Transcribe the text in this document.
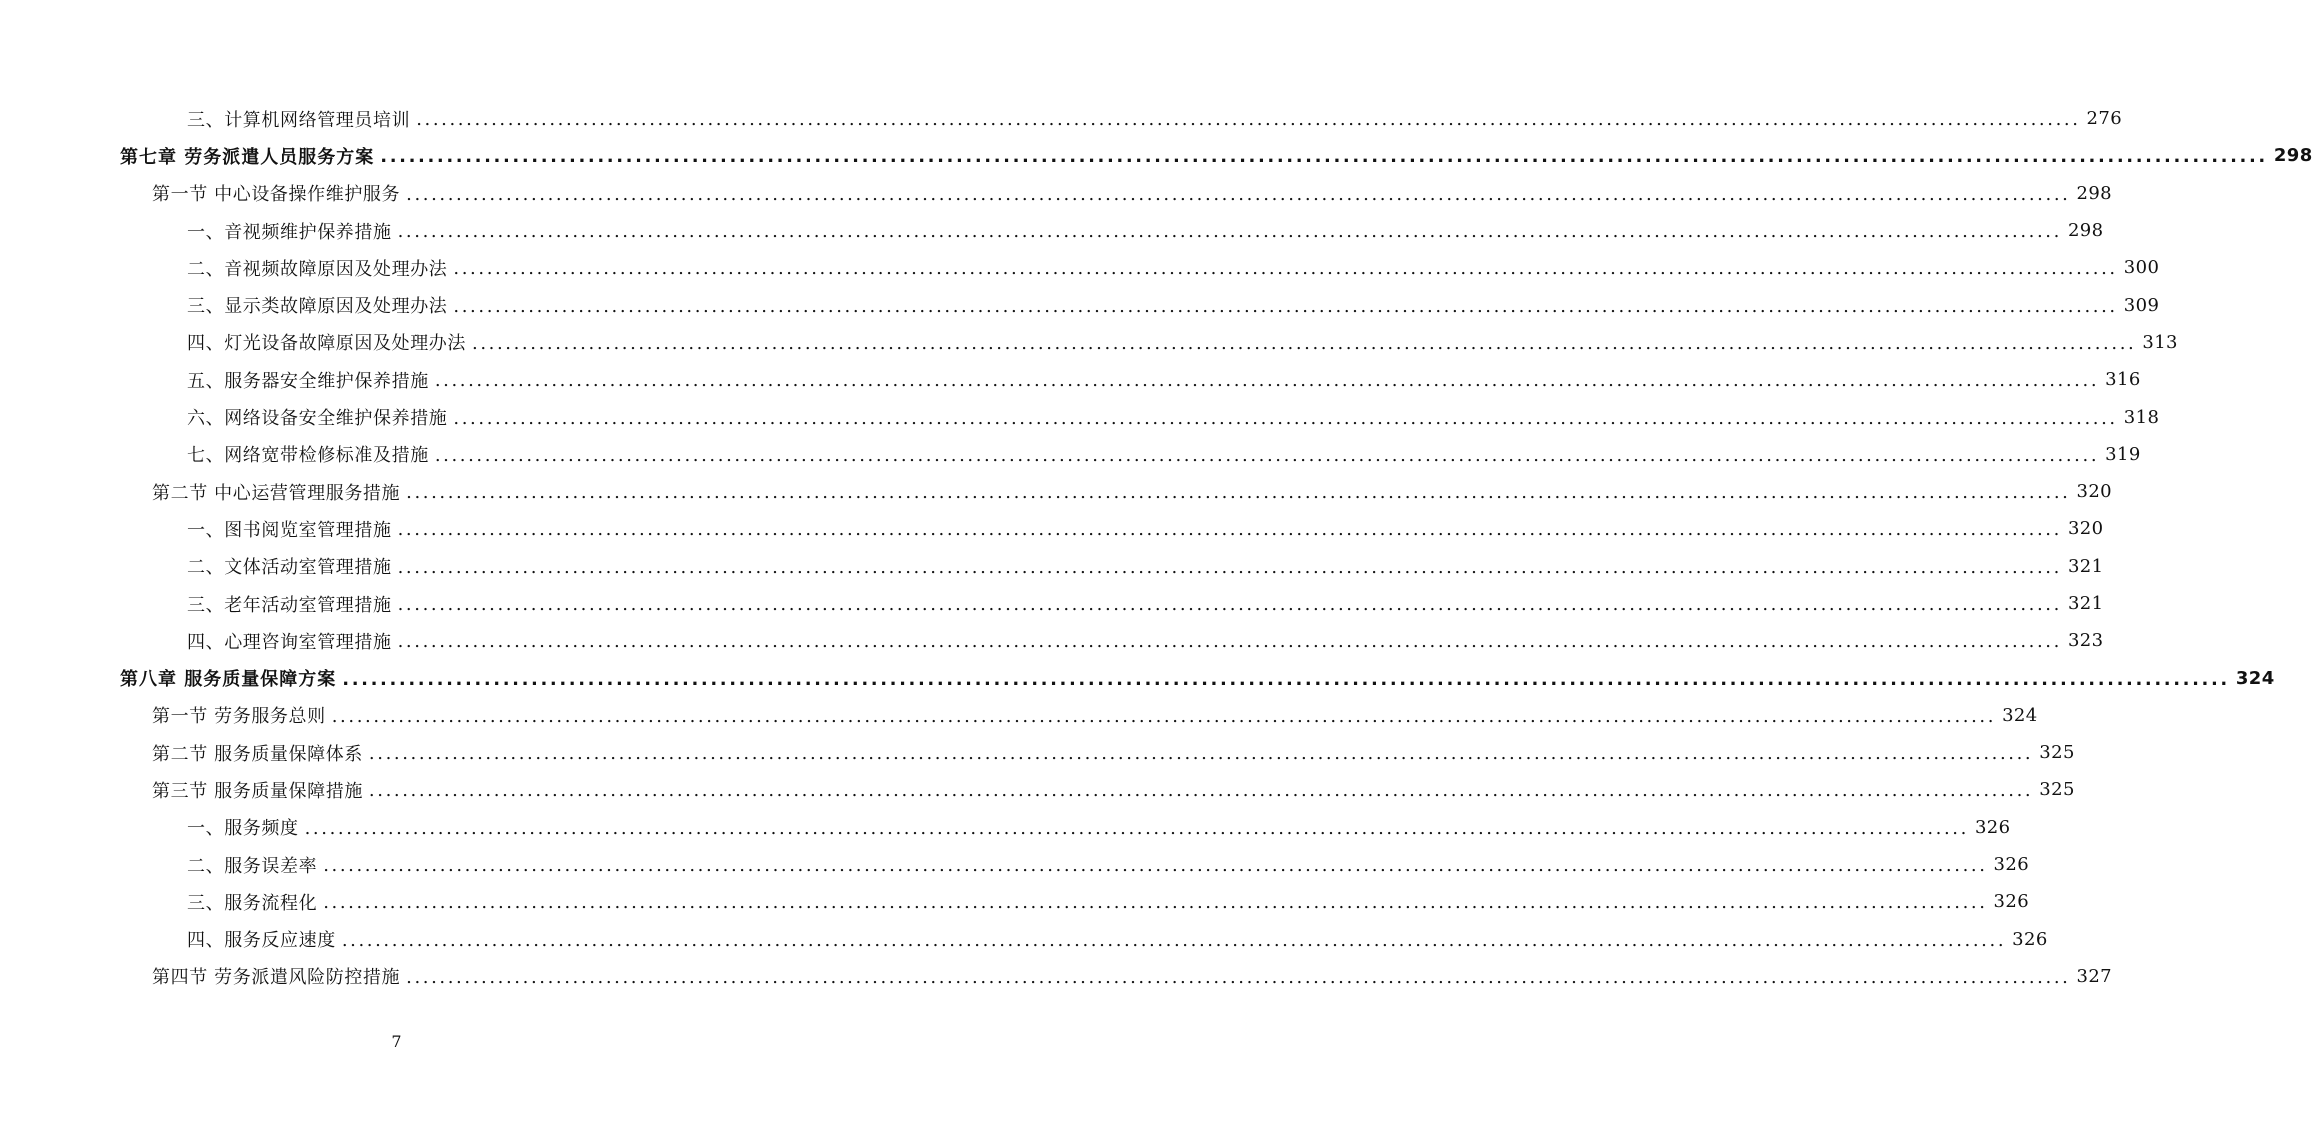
三、计算机网络管理员培训 ........................................................................................................................................................................................................ 276
第七章 劳务派遣人员服务方案 ........................................................................................................................................................................................................ 298
第一节 中心设备操作维护服务 ........................................................................................................................................................................................................ 298
一、音视频维护保养措施 ........................................................................................................................................................................................................ 298
二、音视频故障原因及处理办法 ........................................................................................................................................................................................................ 300
三、显示类故障原因及处理办法 ........................................................................................................................................................................................................ 309
四、灯光设备故障原因及处理办法 ........................................................................................................................................................................................................ 313
五、服务器安全维护保养措施 ........................................................................................................................................................................................................ 316
六、网络设备安全维护保养措施 ........................................................................................................................................................................................................ 318
七、网络宽带检修标准及措施 ........................................................................................................................................................................................................ 319
第二节 中心运营管理服务措施 ........................................................................................................................................................................................................ 320
一、图书阅览室管理措施 ........................................................................................................................................................................................................ 320
二、文体活动室管理措施 ........................................................................................................................................................................................................ 321
三、老年活动室管理措施 ........................................................................................................................................................................................................ 321
四、心理咨询室管理措施 ........................................................................................................................................................................................................ 323
第八章 服务质量保障方案 ........................................................................................................................................................................................................ 324
第一节 劳务服务总则 ........................................................................................................................................................................................................ 324
第二节 服务质量保障体系 ........................................................................................................................................................................................................ 325
第三节 服务质量保障措施 ........................................................................................................................................................................................................ 325
一、服务频度 ........................................................................................................................................................................................................ 326
二、服务误差率 ........................................................................................................................................................................................................ 326
三、服务流程化 ........................................................................................................................................................................................................ 326
四、服务反应速度 ........................................................................................................................................................................................................ 326
第四节 劳务派遣风险防控措施 ........................................................................................................................................................................................................ 327
7
